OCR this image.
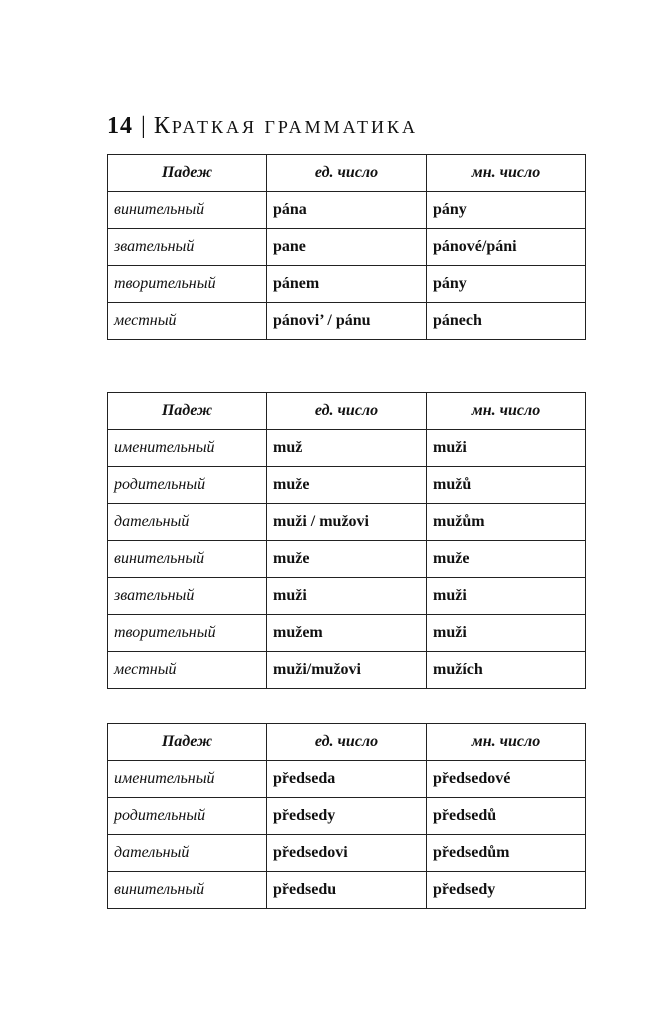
14 | КРАТКАЯ ГРАММАТИКА
Падеж	ед. число	мн. число
винительный	pána	pány
звательный	pane	pánové/páni
творительный	pánem	pány
местный	pánovi’ / pánu	pánech
Падеж	ед. число	мн. число
именительный	muž	muži
родительный	muže	mužů
дательный	muži / mužovi	mužům
винительный	muže	muže
звательный	muži	muži
творительный	mužem	muži
местный	muži/mužovi	mužích
Падеж	ед. число	мн. число
именительный	předseda	předsedové
родительный	předsedy	předsedů
дательный	předsedovi	předsedům
винительный	předsedu	předsedy
